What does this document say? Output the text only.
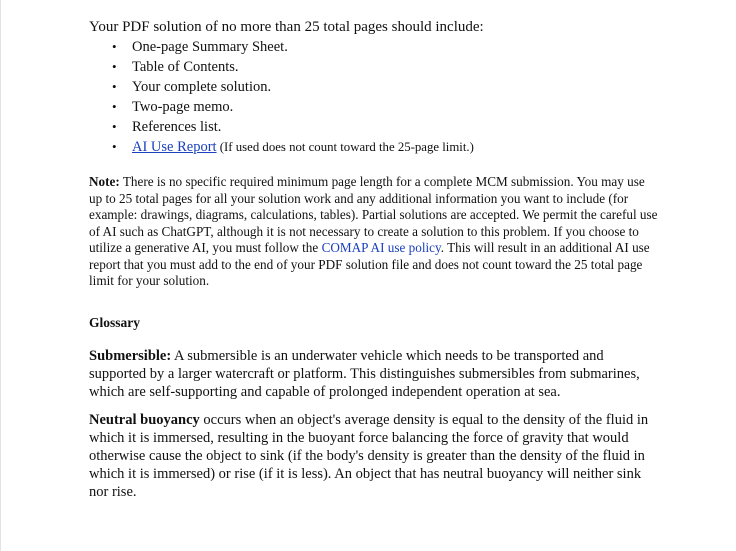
Your PDF solution of no more than 25 total pages should include:

• One-page Summary Sheet.
• Table of Contents.
• Your complete solution.
• Two-page memo.
• References list.
• AI Use Report (If used does not count toward the 25-page limit.)

Note: There is no specific required minimum page length for a complete MCM submission. You may use up to 25 total pages for all your solution work and any additional information you want to include (for example: drawings, diagrams, calculations, tables). Partial solutions are accepted. We permit the careful use of AI such as ChatGPT, although it is not necessary to create a solution to this problem. If you choose to utilize a generative AI, you must follow the COMAP AI use policy. This will result in an additional AI use report that you must add to the end of your PDF solution file and does not count toward the 25 total page limit for your solution.

Glossary

Submersible: A submersible is an underwater vehicle which needs to be transported and supported by a larger watercraft or platform. This distinguishes submersibles from submarines, which are self-supporting and capable of prolonged independent operation at sea.

Neutral buoyancy occurs when an object's average density is equal to the density of the fluid in which it is immersed, resulting in the buoyant force balancing the force of gravity that would otherwise cause the object to sink (if the body's density is greater than the density of the fluid in which it is immersed) or rise (if it is less). An object that has neutral buoyancy will neither sink nor rise.
